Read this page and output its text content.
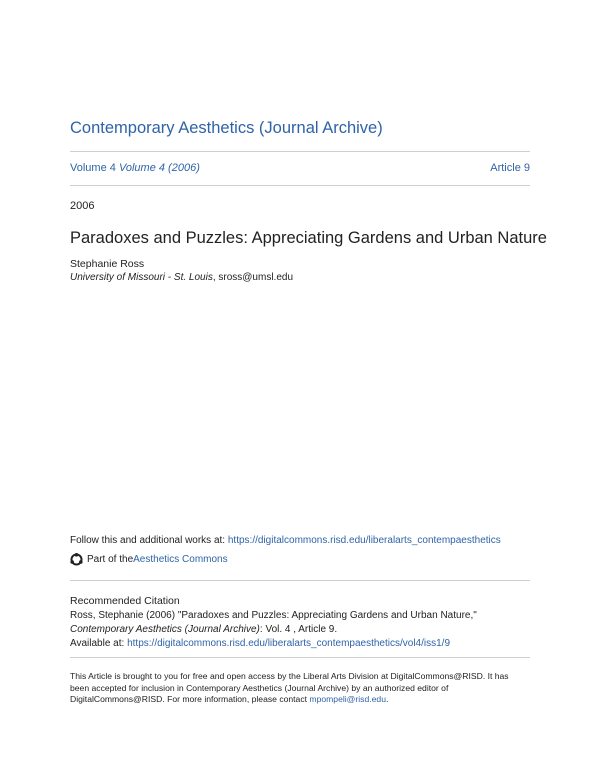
Contemporary Aesthetics (Journal Archive)
Volume 4 Volume 4 (2006)	Article 9
2006
Paradoxes and Puzzles: Appreciating Gardens and Urban Nature
Stephanie Ross
University of Missouri - St. Louis, sross@umsl.edu
Follow this and additional works at: https://digitalcommons.risd.edu/liberalarts_contempaesthetics
Part of the Aesthetics Commons
Recommended Citation
Ross, Stephanie (2006) "Paradoxes and Puzzles: Appreciating Gardens and Urban Nature," Contemporary Aesthetics (Journal Archive): Vol. 4 , Article 9.
Available at: https://digitalcommons.risd.edu/liberalarts_contempaesthetics/vol4/iss1/9
This Article is brought to you for free and open access by the Liberal Arts Division at DigitalCommons@RISD. It has been accepted for inclusion in Contemporary Aesthetics (Journal Archive) by an authorized editor of DigitalCommons@RISD. For more information, please contact mpompeli@risd.edu.
